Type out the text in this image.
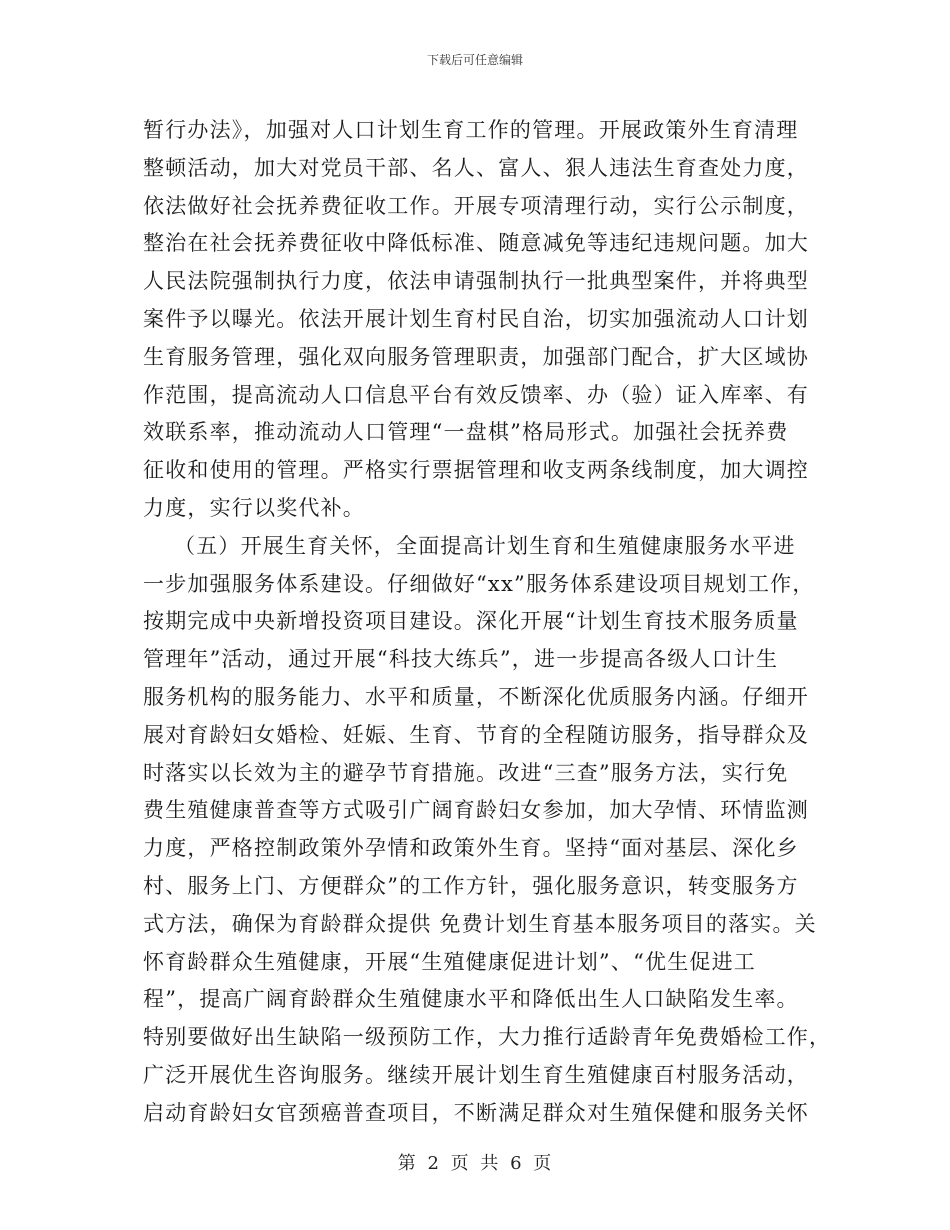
下载后可任意编辑
暂行办法》，加强对人口计划生育工作的管理。开展政策外生育清理
整顿活动，加大对党员干部、名人、富人、狠人违法生育查处力度，
依法做好社会抚养费征收工作。开展专项清理行动，实行公示制度，
整治在社会抚养费征收中降低标准、随意减免等违纪违规问题。加大
人民法院强制执行力度，依法申请强制执行一批典型案件，并将典型
案件予以曝光。依法开展计划生育村民自治，切实加强流动人口计划
生育服务管理，强化双向服务管理职责，加强部门配合，扩大区域协
作范围，提高流动人口信息平台有效反馈率、办（验）证入库率、有
效联系率，推动流动人口管理“一盘棋”格局形式。加强社会抚养费
征收和使用的管理。严格实行票据管理和收支两条线制度，加大调控
力度，实行以奖代补。
（五）开展生育关怀，全面提高计划生育和生殖健康服务水平进
一步加强服务体系建设。仔细做好“xx”服务体系建设项目规划工作，
按期完成中央新增投资项目建设。深化开展“计划生育技术服务质量
管理年”活动，通过开展“科技大练兵”，进一步提高各级人口计生
服务机构的服务能力、水平和质量，不断深化优质服务内涵。仔细开
展对育龄妇女婚检、妊娠、生育、节育的全程随访服务，指导群众及
时落实以长效为主的避孕节育措施。改进“三查”服务方法，实行免
费生殖健康普查等方式吸引广阔育龄妇女参加，加大孕情、环情监测
力度，严格控制政策外孕情和政策外生育。坚持“面对基层、深化乡
村、服务上门、方便群众”的工作方针，强化服务意识，转变服务方
式方法，确保为育龄群众提供 免费计划生育基本服务项目的落实。关
怀育龄群众生殖健康，开展“生殖健康促进计划”、“优生促进工
程”，提高广阔育龄群众生殖健康水平和降低出生人口缺陷发生率。
特别要做好出生缺陷一级预防工作，大力推行适龄青年免费婚检工作，
广泛开展优生咨询服务。继续开展计划生育生殖健康百村服务活动，
启动育龄妇女官颈癌普查项目，不断满足群众对生殖保健和服务关怀
第 2 页 共 6 页
